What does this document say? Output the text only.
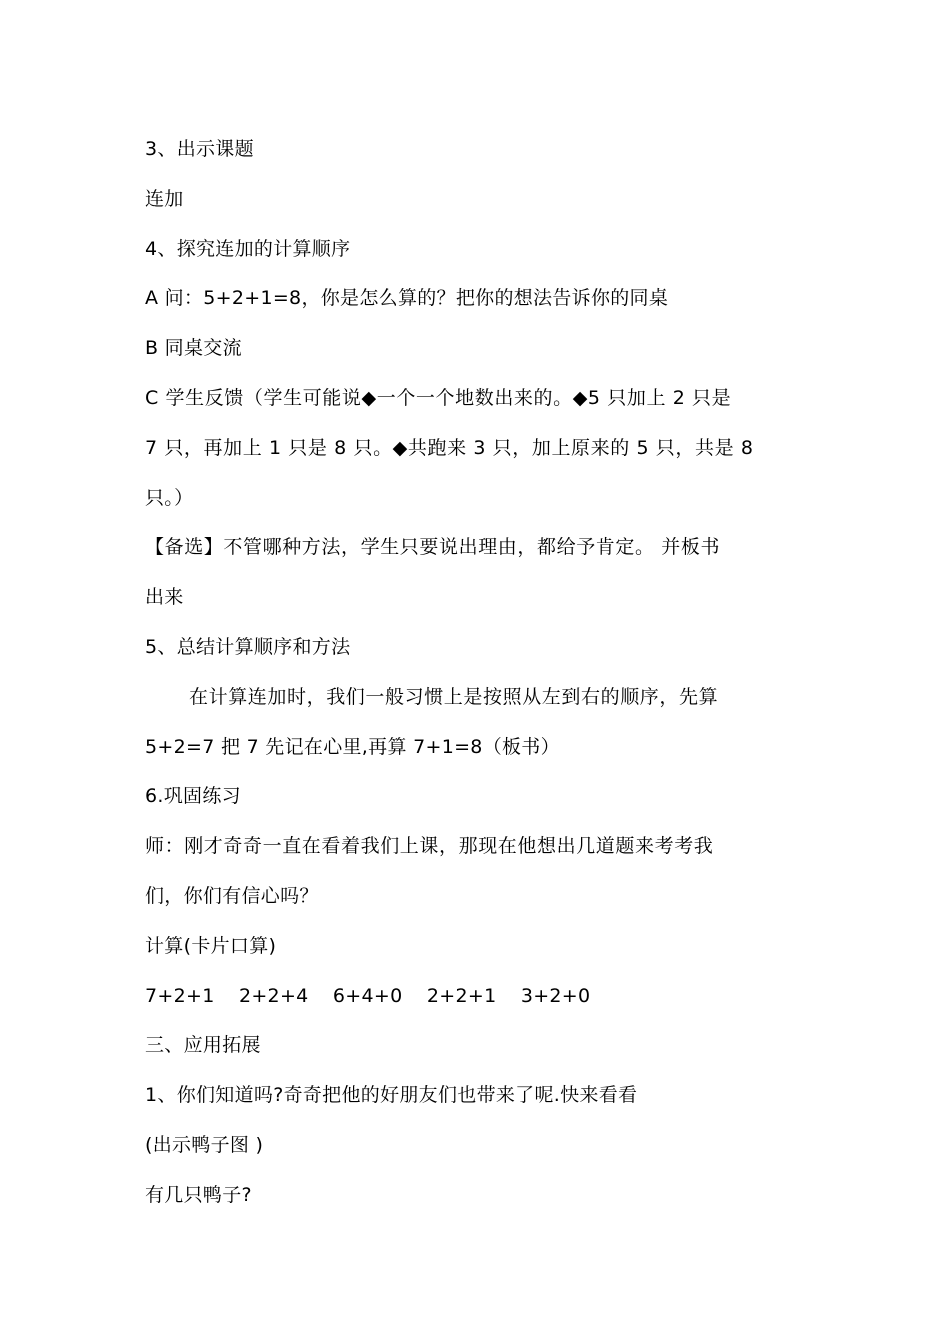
3、出示课题
连加
4、探究连加的计算顺序
A 问：5+2+1=8，你是怎么算的？把你的想法告诉你的同桌
B 同桌交流
C 学生反馈（学生可能说◆一个一个地数出来的。◆5 只加上 2 只是
7 只，再加上 1 只是 8 只。◆共跑来 3 只，加上原来的 5 只，共是 8
只。）
【备选】不管哪种方法，学生只要说出理由，都给予肯定。 并板书
出来
5、总结计算顺序和方法
在计算连加时，我们一般习惯上是按照从左到右的顺序，先算
5+2=7 把 7 先记在心里,再算 7+1=8（板书）
6.巩固练习
师：刚才奇奇一直在看着我们上课，那现在他想出几道题来考考我
们，你们有信心吗？
计算(卡片口算)
7+2+1 2+2+4 6+4+0 2+2+1 3+2+0
三、应用拓展
1、你们知道吗?奇奇把他的好朋友们也带来了呢.快来看看
(出示鸭子图 )
有几只鸭子?
